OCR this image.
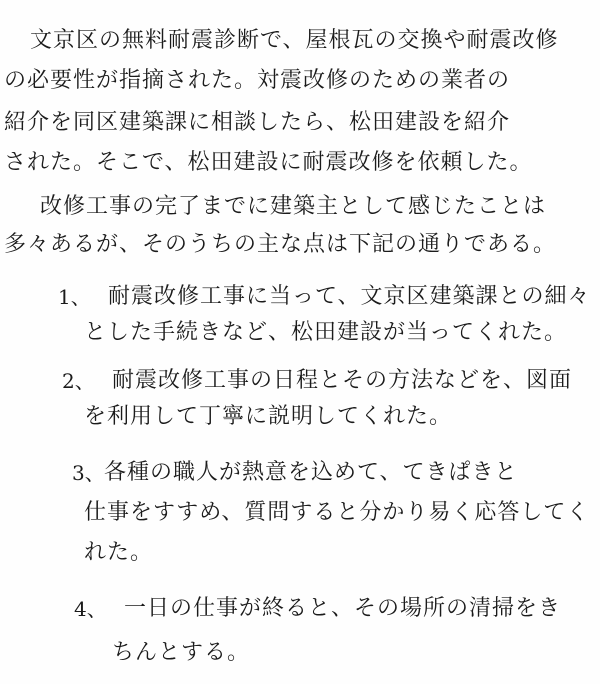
文京区の無料耐震診断で、屋根瓦の交換や耐震改修
の必要性が指摘された。対震改修のための業者の
紹介を同区建築課に相談したら、松田建設を紹介
された。そこで、松田建設に耐震改修を依頼した。
改修工事の完了までに建築主として感じたことは
多々あるが、そのうちの主な点は下記の通りである。
1、 耐震改修工事に当って、文京区建築課との細々
とした手続きなど、松田建設が当ってくれた。
2、 耐震改修工事の日程とその方法などを、図面
を利用して丁寧に説明してくれた。
3、 各種の職人が熱意を込めて、てきぱきと
仕事をすすめ、質問すると分かり易く応答してく
れた。
4、 一日の仕事が終ると、その場所の清掃をき
ちんとする。
